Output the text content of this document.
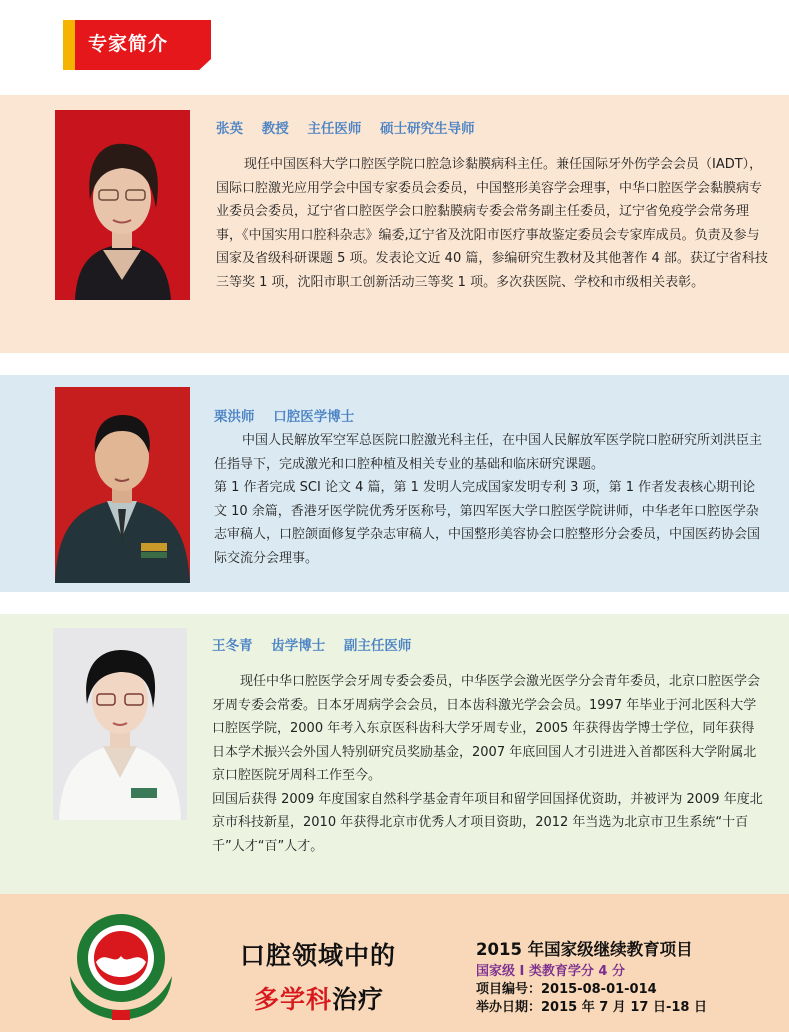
专家简介
张英 教授 主任医师 硕士研究生导师

现任中国医科大学口腔医学院口腔急诊黏膜病科主任。兼任国际牙外伤学会会员（IADT），国际口腔激光应用学会中国专家委员会委员，中国整形美容学会理事，中华口腔医学会黏膜病专业委员会委员，辽宁省口腔医学会口腔黏膜病专委会常务副主任委员，辽宁省免疫学会常务理事，《中国实用口腔科杂志》编委,辽宁省及沈阳市医疗事故鉴定委员会专家库成员。负责及参与国家及省级科研课题 5 项。发表论文近 40 篇，参编研究生教材及其他著作 4 部。获辽宁省科技三等奖 1 项，沈阳市职工创新活动三等奖 1 项。多次获医院、学校和市级相关表彰。

栗洪师 口腔医学博士

中国人民解放军空军总医院口腔激光科主任，在中国人民解放军医学院口腔研究所刘洪臣主任指导下，完成激光和口腔种植及相关专业的基础和临床研究课题。

第 1 作者完成 SCI 论文 4 篇，第 1 发明人完成国家发明专利 3 项，第 1 作者发表核心期刊论文 10 余篇，香港牙医学院优秀牙医称号，第四军医大学口腔医学院讲师，中华老年口腔医学杂志审稿人，口腔颌面修复学杂志审稿人，中国整形美容协会口腔整形分会委员，中国医药协会国际交流分会理事。

王冬青 齿学博士 副主任医师

现任中华口腔医学会牙周专委会委员，中华医学会激光医学分会青年委员，北京口腔医学会牙周专委会常委。日本牙周病学会会员，日本齿科激光学会会员。1997 年毕业于河北医科大学口腔医学院，2000 年考入东京医科齿科大学牙周专业，2005 年获得齿学博士学位，同年获得日本学术振兴会外国人特别研究员奖励基金，2007 年底回国人才引进进入首都医科大学附属北京口腔医院牙周科工作至今。

回国后获得 2009 年度国家自然科学基金青年项目和留学回国择优资助，并被评为 2009 年度北京市科技新星，2010 年获得北京市优秀人才项目资助，2012 年当选为北京市卫生系统“十百千”人才“百”人才。

口腔领域中的
多学科治疗
2015 年国家级继续教育项目
国家级 I 类教育学分 4 分
项目编号：2015-08-01-014
举办日期：2015 年 7 月 17 日-18 日
